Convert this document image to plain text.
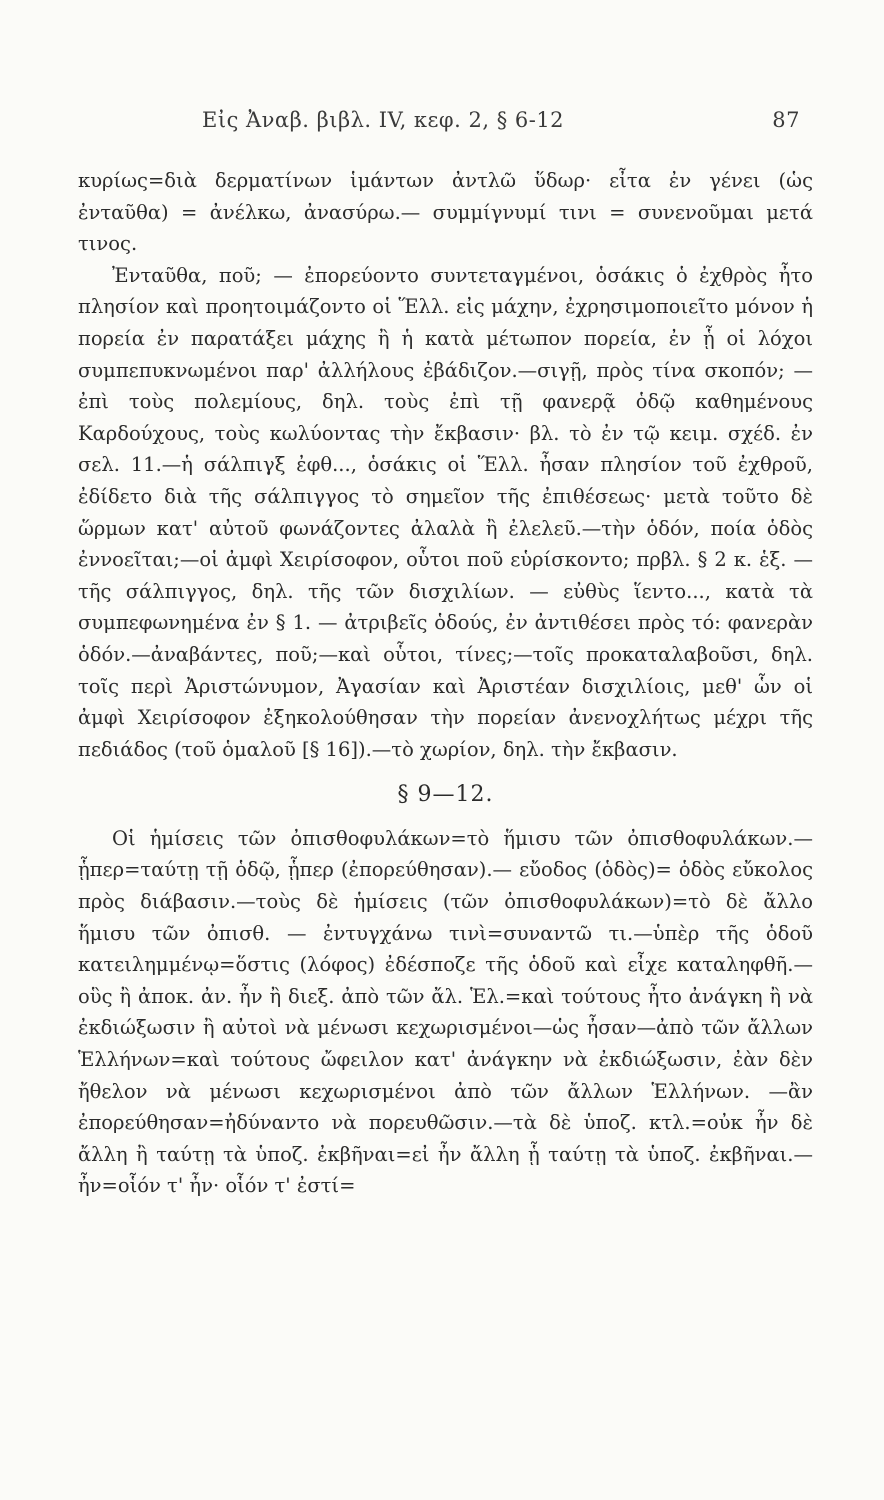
Εἰς Ἀναβ. βιβλ. IV, κεφ. 2, § 6-12	87

κυρίως=διὰ δερματίνων ἱμάντων ἀντλῶ ὕδωρ· εἶτα ἐν γένει (ὡς ἐνταῦθα) = ἀνέλκω, ἀνασύρω.— συμμίγνυμί τινι = συνενοῦμαι μετά τινος.

Ἐνταῦθα, ποῦ; — ἐπορεύοντο συντεταγμένοι, ὁσάκις ὁ ἐχθρὸς ἦτο πλησίον καὶ προητοιμάζοντο οἱ Ἕλλ. εἰς μάχην, ἐχρησιμοποιεῖτο μόνον ἡ πορεία ἐν παρατάξει μάχης ἢ ἡ κατὰ μέτωπον πορεία, ἐν ᾗ οἱ λόχοι συμπεπυκνωμένοι παρ' ἀλλήλους ἐβάδιζον.—σιγῇ, πρὸς τίνα σκοπόν; — ἐπὶ τοὺς πολεμίους, δηλ. τοὺς ἐπὶ τῇ φανερᾷ ὁδῷ καθημένους Καρδούχους, τοὺς κωλύοντας τὴν ἔκβασιν· βλ. τὸ ἐν τῷ κειμ. σχέδ. ἐν σελ. 11.—ἡ σάλπιγξ ἐφθ..., ὁσάκις οἱ Ἕλλ. ἦσαν πλησίον τοῦ ἐχθροῦ, ἐδίδετο διὰ τῆς σάλπιγγος τὸ σημεῖον τῆς ἐπιθέσεως· μετὰ τοῦτο δὲ ὥρμων κατ' αὐτοῦ φωνάζοντες ἀλαλὰ ἢ ἐλελεῦ.—τὴν ὁδόν, ποία ὁδὸς ἐννοεῖται;—οἱ ἀμφὶ Χειρίσοφον, οὗτοι ποῦ εὑρίσκοντο; πρβλ. § 2 κ. ἑξ. — τῆς σάλπιγγος, δηλ. τῆς τῶν δισχιλίων. — εὐθὺς ἵεντο..., κατὰ τὰ συμπεφωνημένα ἐν § 1. — ἀτριβεῖς ὁδούς, ἐν ἀντιθέσει πρὸς τό: φανερὰν ὁδόν.—ἀναβάντες, ποῦ;—καὶ οὗτοι, τίνες;—τοῖς προκαταλαβοῦσι, δηλ. τοῖς περὶ Ἀριστώνυμον, Ἀγασίαν καὶ Ἀριστέαν δισχιλίοις, μεθ' ὧν οἱ ἀμφὶ Χειρίσοφον ἐξηκολούθησαν τὴν πορείαν ἀνενοχλήτως μέχρι τῆς πεδιάδος (τοῦ ὁμαλοῦ [§ 16]).—τὸ χωρίον, δηλ. τὴν ἔκβασιν.

§ 9—12.

Οἱ ἡμίσεις τῶν ὀπισθοφυλάκων=τὸ ἥμισυ τῶν ὀπισθοφυλάκων.—ᾗπερ=ταύτῃ τῇ ὁδῷ, ᾗπερ (ἐπορεύθησαν).— εὔοδος (ὁδὸς)= ὁδὸς εὔκολος πρὸς διάβασιν.—τοὺς δὲ ἡμίσεις (τῶν ὀπισθοφυλάκων)=τὸ δὲ ἄλλο ἥμισυ τῶν ὀπισθ. — ἐντυγχάνω τινὶ=συναντῶ τι.—ὑπὲρ τῆς ὁδοῦ κατειλημμένῳ=ὅστις (λόφος) ἐδέσποζε τῆς ὁδοῦ καὶ εἶχε καταληφθῆ.—οὓς ἢ ἀποκ. ἀν. ἦν ἢ διεξ. ἀπὸ τῶν ἄλ. Ἑλ.=καὶ τούτους ἦτο ἀνάγκη ἢ νὰ ἐκδιώξωσιν ἢ αὐτοὶ νὰ μένωσι κεχωρισμένοι—ὡς ἦσαν—ἀπὸ τῶν ἄλλων Ἑλλήνων=καὶ τούτους ὤφειλον κατ' ἀνάγκην νὰ ἐκδιώξωσιν, ἐὰν δὲν ἤθελον νὰ μένωσι κεχωρισμένοι ἀπὸ τῶν ἄλλων Ἑλλήνων. —ἂν ἐπορεύθησαν=ἠδύναντο νὰ πορευθῶσιν.—τὰ δὲ ὑποζ. κτλ.=οὐκ ἦν δὲ ἄλλη ἢ ταύτῃ τὰ ὑποζ. ἐκβῆναι=εἰ ἦν ἄλλη ᾗ ταύτῃ τὰ ὑποζ. ἐκβῆναι.—ἦν=οἷόν τ' ἦν· οἷόν τ' ἐστί=
